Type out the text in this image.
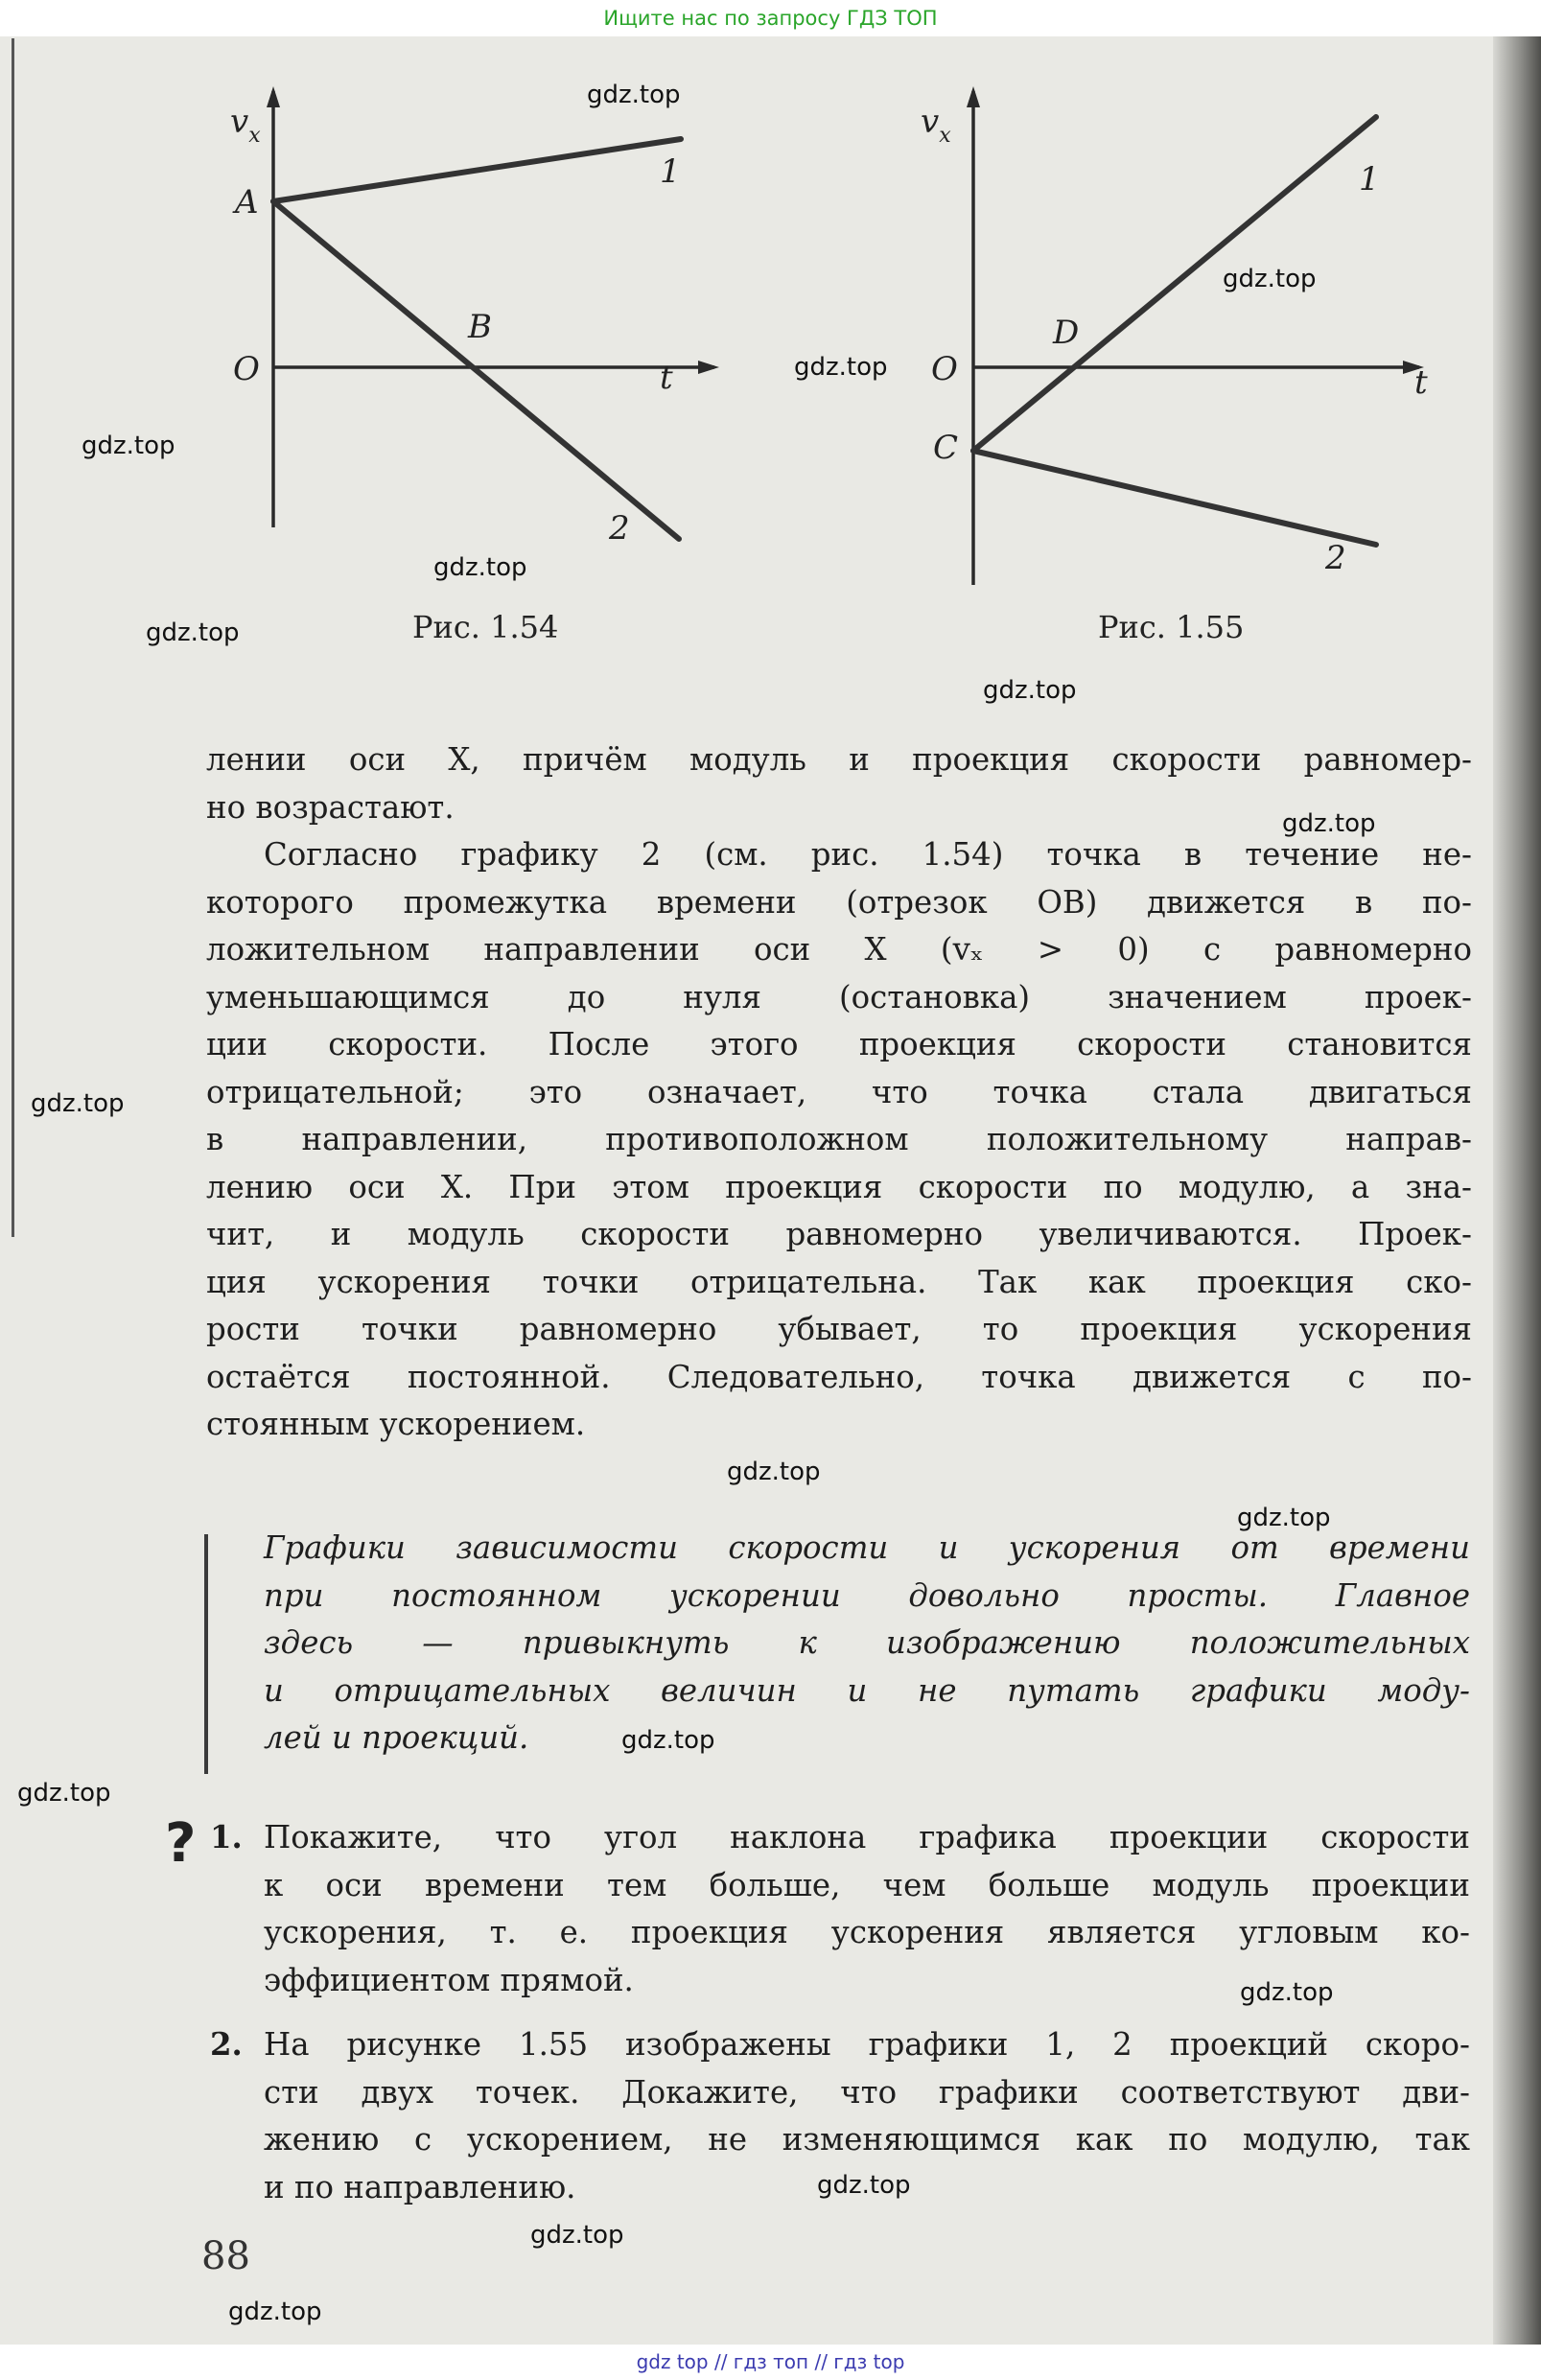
Ищите нас по запросу ГДЗ ТОП
$v_x$
A
O
B
t
1
2
Рис. 1.54
$v_x$
D
O
C
t
1
2
Рис. 1.55

лении оси X, причём модуль и проекция скорости равномер-

но возрастают.

Согласно графику 2 (см. рис. 1.54) точка в течение не-

которого промежутка времени (отрезок OB) движется в по-

ложительном направлении оси X (vₓ > 0) с равномерно

уменьшающимся до нуля (остановка) значением проек-

ции скорости. После этого проекция скорости становится

отрицательной; это означает, что точка стала двигаться

в направлении, противоположном положительному направ-

лению оси X. При этом проекция скорости по модулю, а зна-

чит, и модуль скорости равномерно увеличиваются. Проек-

ция ускорения точки отрицательна. Так как проекция ско-

рости точки равномерно убывает, то проекция ускорения

остаётся постоянной. Следовательно, точка движется с по-

стоянным ускорением.

Графики зависимости скорости и ускорения от времени

при постоянном ускорении довольно просты. Главное

здесь — привыкнуть к изображению положительных

и отрицательных величин и не путать графики моду-

лей и проекций.

? 1. Покажите, что угол наклона графика проекции скорости

к оси времени тем больше, чем больше модуль проекции

ускорения, т. е. проекция ускорения является угловым ко-

эффициентом прямой.

2. На рисунке 1.55 изображены графики 1, 2 проекций скоро-

сти двух точек. Докажите, что графики соответствуют дви-

жению с ускорением, не изменяющимся как по модулю, так

и по направлению.

88
gdz.top
gdz.top
gdz.top
gdz.top
gdz.top
gdz.top
gdz.top
gdz.top
gdz.top
gdz.top
gdz.top
gdz.top
gdz.top
gdz.top
gdz.top
gdz.top
gdz.top
gdz top // гдз топ // гдз top
